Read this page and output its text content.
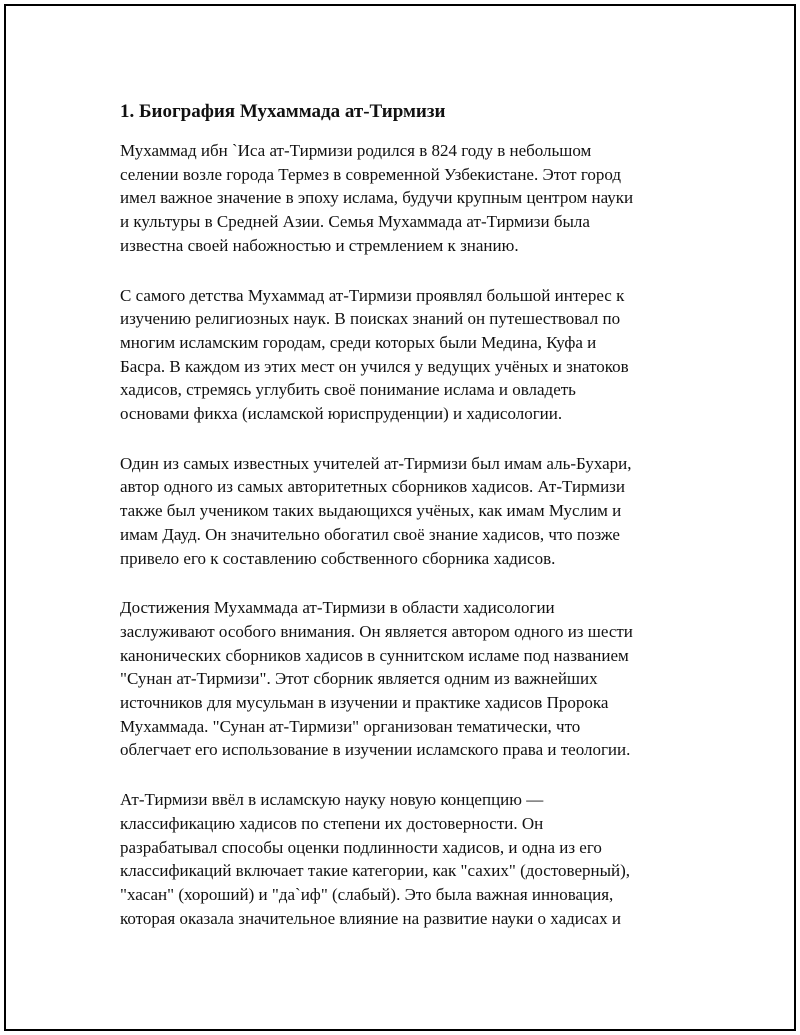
1. Биография Мухаммада ат-Тирмизи

Мухаммад ибн `Иса ат-Тирмизи родился в 824 году в небольшом
селении возле города Термез в современной Узбекистане. Этот город
имел важное значение в эпоху ислама, будучи крупным центром науки
и культуры в Средней Азии. Семья Мухаммада ат-Тирмизи была
известна своей набожностью и стремлением к знанию.

С самого детства Мухаммад ат-Тирмизи проявлял большой интерес к
изучению религиозных наук. В поисках знаний он путешествовал по
многим исламским городам, среди которых были Медина, Куфа и
Басра. В каждом из этих мест он учился у ведущих учёных и знатоков
хадисов, стремясь углубить своё понимание ислама и овладеть
основами фикха (исламской юриспруденции) и хадисологии.

Один из самых известных учителей ат-Тирмизи был имам аль-Бухари,
автор одного из самых авторитетных сборников хадисов. Ат-Тирмизи
также был учеником таких выдающихся учёных, как имам Муслим и
имам Дауд. Он значительно обогатил своё знание хадисов, что позже
привело его к составлению собственного сборника хадисов.

Достижения Мухаммада ат-Тирмизи в области хадисологии
заслуживают особого внимания. Он является автором одного из шести
канонических сборников хадисов в суннитском исламе под названием
"Сунан ат-Тирмизи". Этот сборник является одним из важнейших
источников для мусульман в изучении и практике хадисов Пророка
Мухаммада. "Сунан ат-Тирмизи" организован тематически, что
облегчает его использование в изучении исламского права и теологии.

Ат-Тирмизи ввёл в исламскую науку новую концепцию —
классификацию хадисов по степени их достоверности. Он
разрабатывал способы оценки подлинности хадисов, и одна из его
классификаций включает такие категории, как "сахих" (достоверный),
"хасан" (хороший) и "да`иф" (слабый). Это была важная инновация,
которая оказала значительное влияние на развитие науки о хадисах и
